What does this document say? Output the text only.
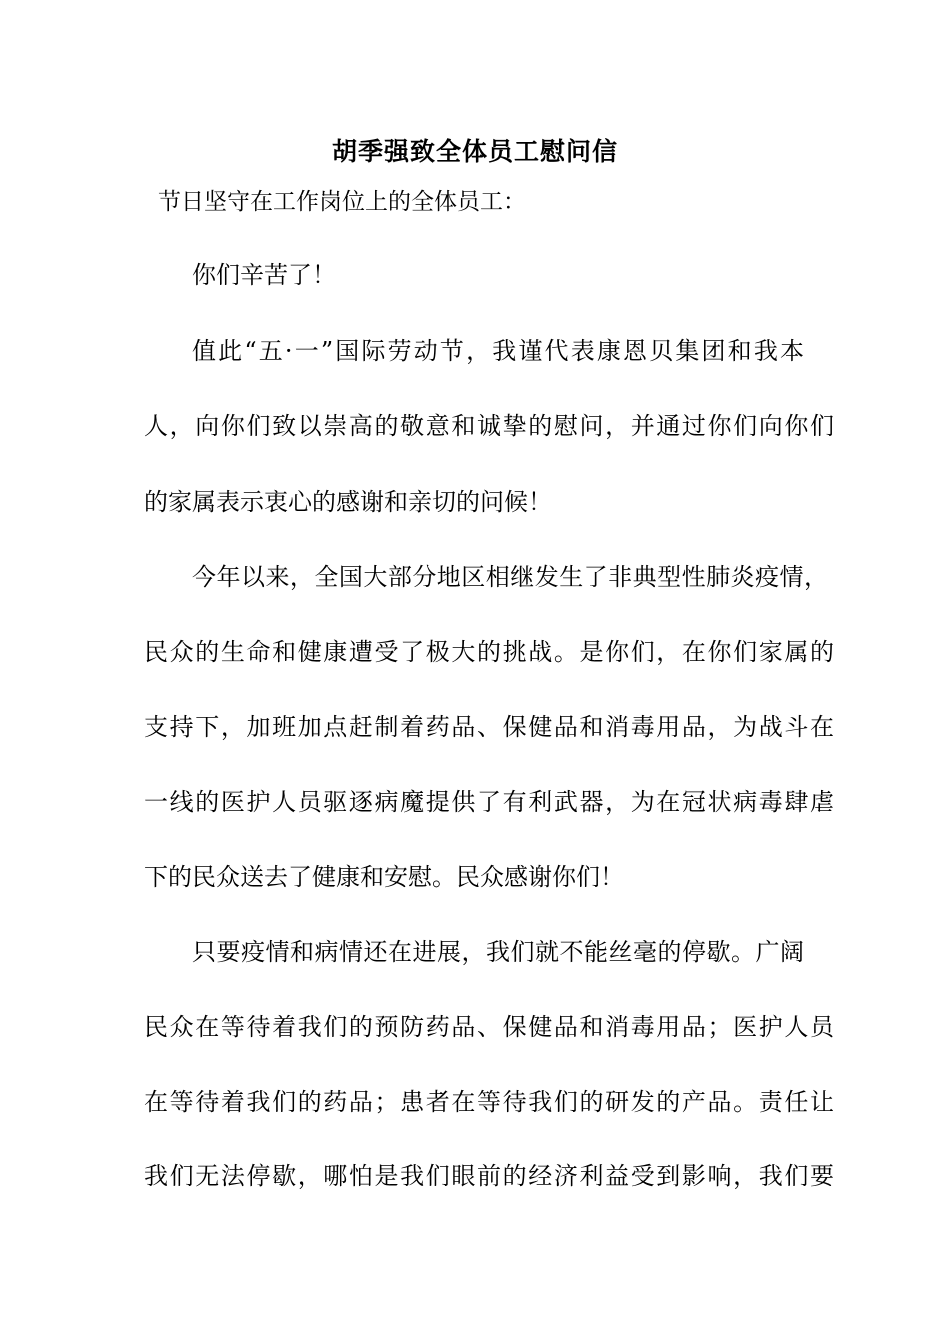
胡季强致全体员工慰问信
节日坚守在工作岗位上的全体员工：
你们辛苦了！
值此“五·一”国际劳动节，我谨代表康恩贝集团和我本
人，向你们致以崇高的敬意和诚挚的慰问，并通过你们向你们
的家属表示衷心的感谢和亲切的问候！
今年以来，全国大部分地区相继发生了非典型性肺炎疫情，
民众的生命和健康遭受了极大的挑战。是你们，在你们家属的
支持下，加班加点赶制着药品、保健品和消毒用品，为战斗在
一线的医护人员驱逐病魔提供了有利武器，为在冠状病毒肆虐
下的民众送去了健康和安慰。民众感谢你们！
只要疫情和病情还在进展，我们就不能丝毫的停歇。广阔
民众在等待着我们的预防药品、保健品和消毒用品；医护人员
在等待着我们的药品；患者在等待我们的研发的产品。责任让
我们无法停歇，哪怕是我们眼前的经济利益受到影响，我们要
